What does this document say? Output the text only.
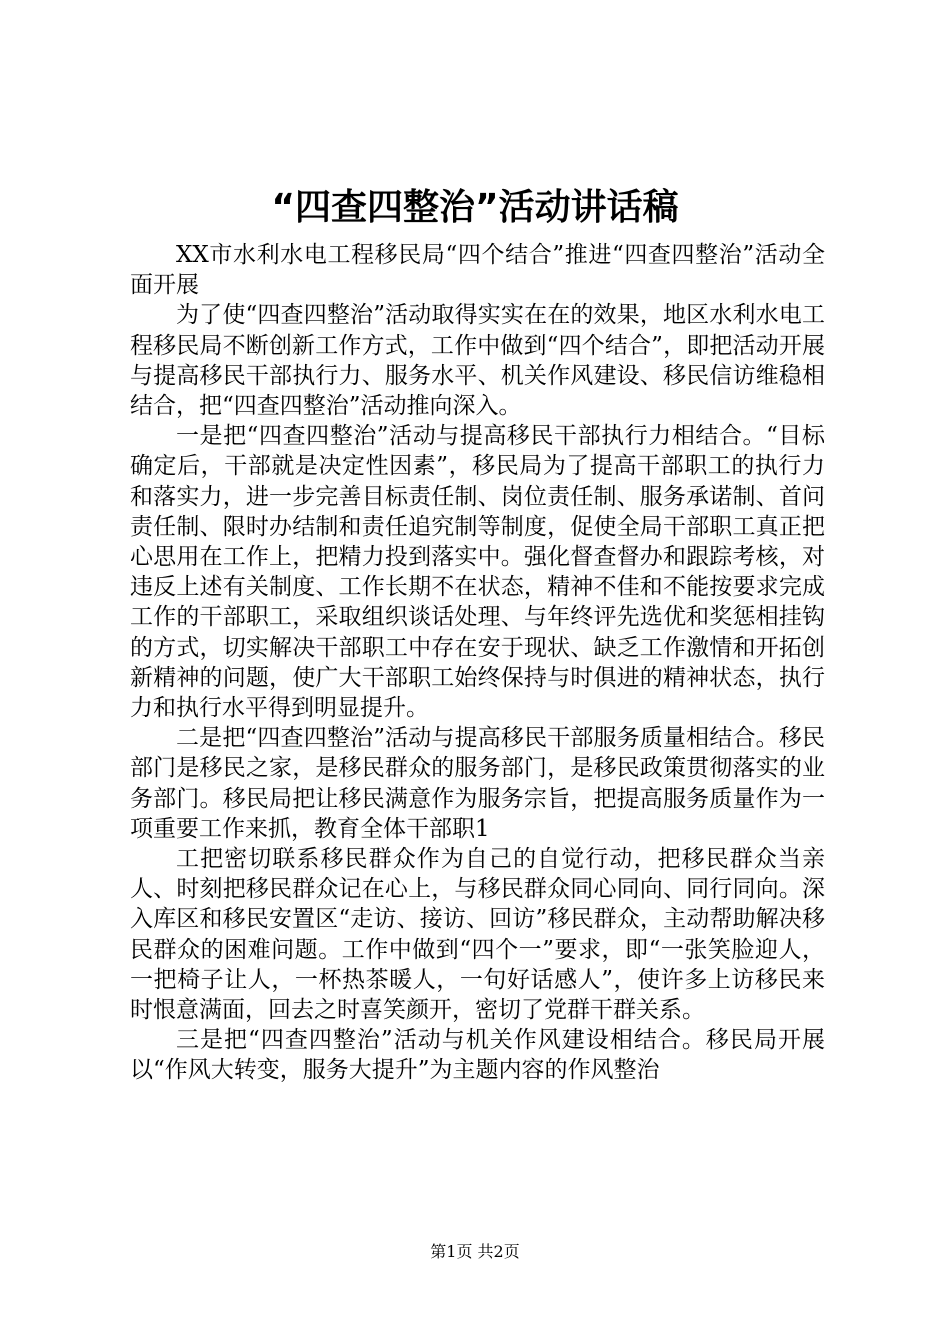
“四查四整治”活动讲话稿

XX市水利水电工程移民局“四个结合”推进“四查四整治”活动全面开展

为了使“四查四整治”活动取得实实在在的效果，地区水利水电工程移民局不断创新工作方式，工作中做到“四个结合”，即把活动开展与提高移民干部执行力、服务水平、机关作风建设、移民信访维稳相结合，把“四查四整治”活动推向深入。

一是把“四查四整治”活动与提高移民干部执行力相结合。“目标确定后，干部就是决定性因素”，移民局为了提高干部职工的执行力和落实力，进一步完善目标责任制、岗位责任制、服务承诺制、首问责任制、限时办结制和责任追究制等制度，促使全局干部职工真正把心思用在工作上，把精力投到落实中。强化督查督办和跟踪考核，对违反上述有关制度、工作长期不在状态，精神不佳和不能按要求完成工作的干部职工，采取组织谈话处理、与年终评先选优和奖惩相挂钩的方式，切实解决干部职工中存在安于现状、缺乏工作激情和开拓创新精神的问题，使广大干部职工始终保持与时俱进的精神状态，执行力和执行水平得到明显提升。

二是把“四查四整治”活动与提高移民干部服务质量相结合。移民部门是移民之家，是移民群众的服务部门，是移民政策贯彻落实的业务部门。移民局把让移民满意作为服务宗旨，把提高服务质量作为一项重要工作来抓，教育全体干部职1

工把密切联系移民群众作为自己的自觉行动，把移民群众当亲人、时刻把移民群众记在心上，与移民群众同心同向、同行同向。深入库区和移民安置区“走访、接访、回访”移民群众，主动帮助解决移民群众的困难问题。工作中做到“四个一”要求，即“一张笑脸迎人，一把椅子让人，一杯热茶暖人，一句好话感人”，使许多上访移民来时恨意满面，回去之时喜笑颜开，密切了党群干群关系。

三是把“四查四整治”活动与机关作风建设相结合。移民局开展以“作风大转变，服务大提升”为主题内容的作风整治

第1页 共2页
